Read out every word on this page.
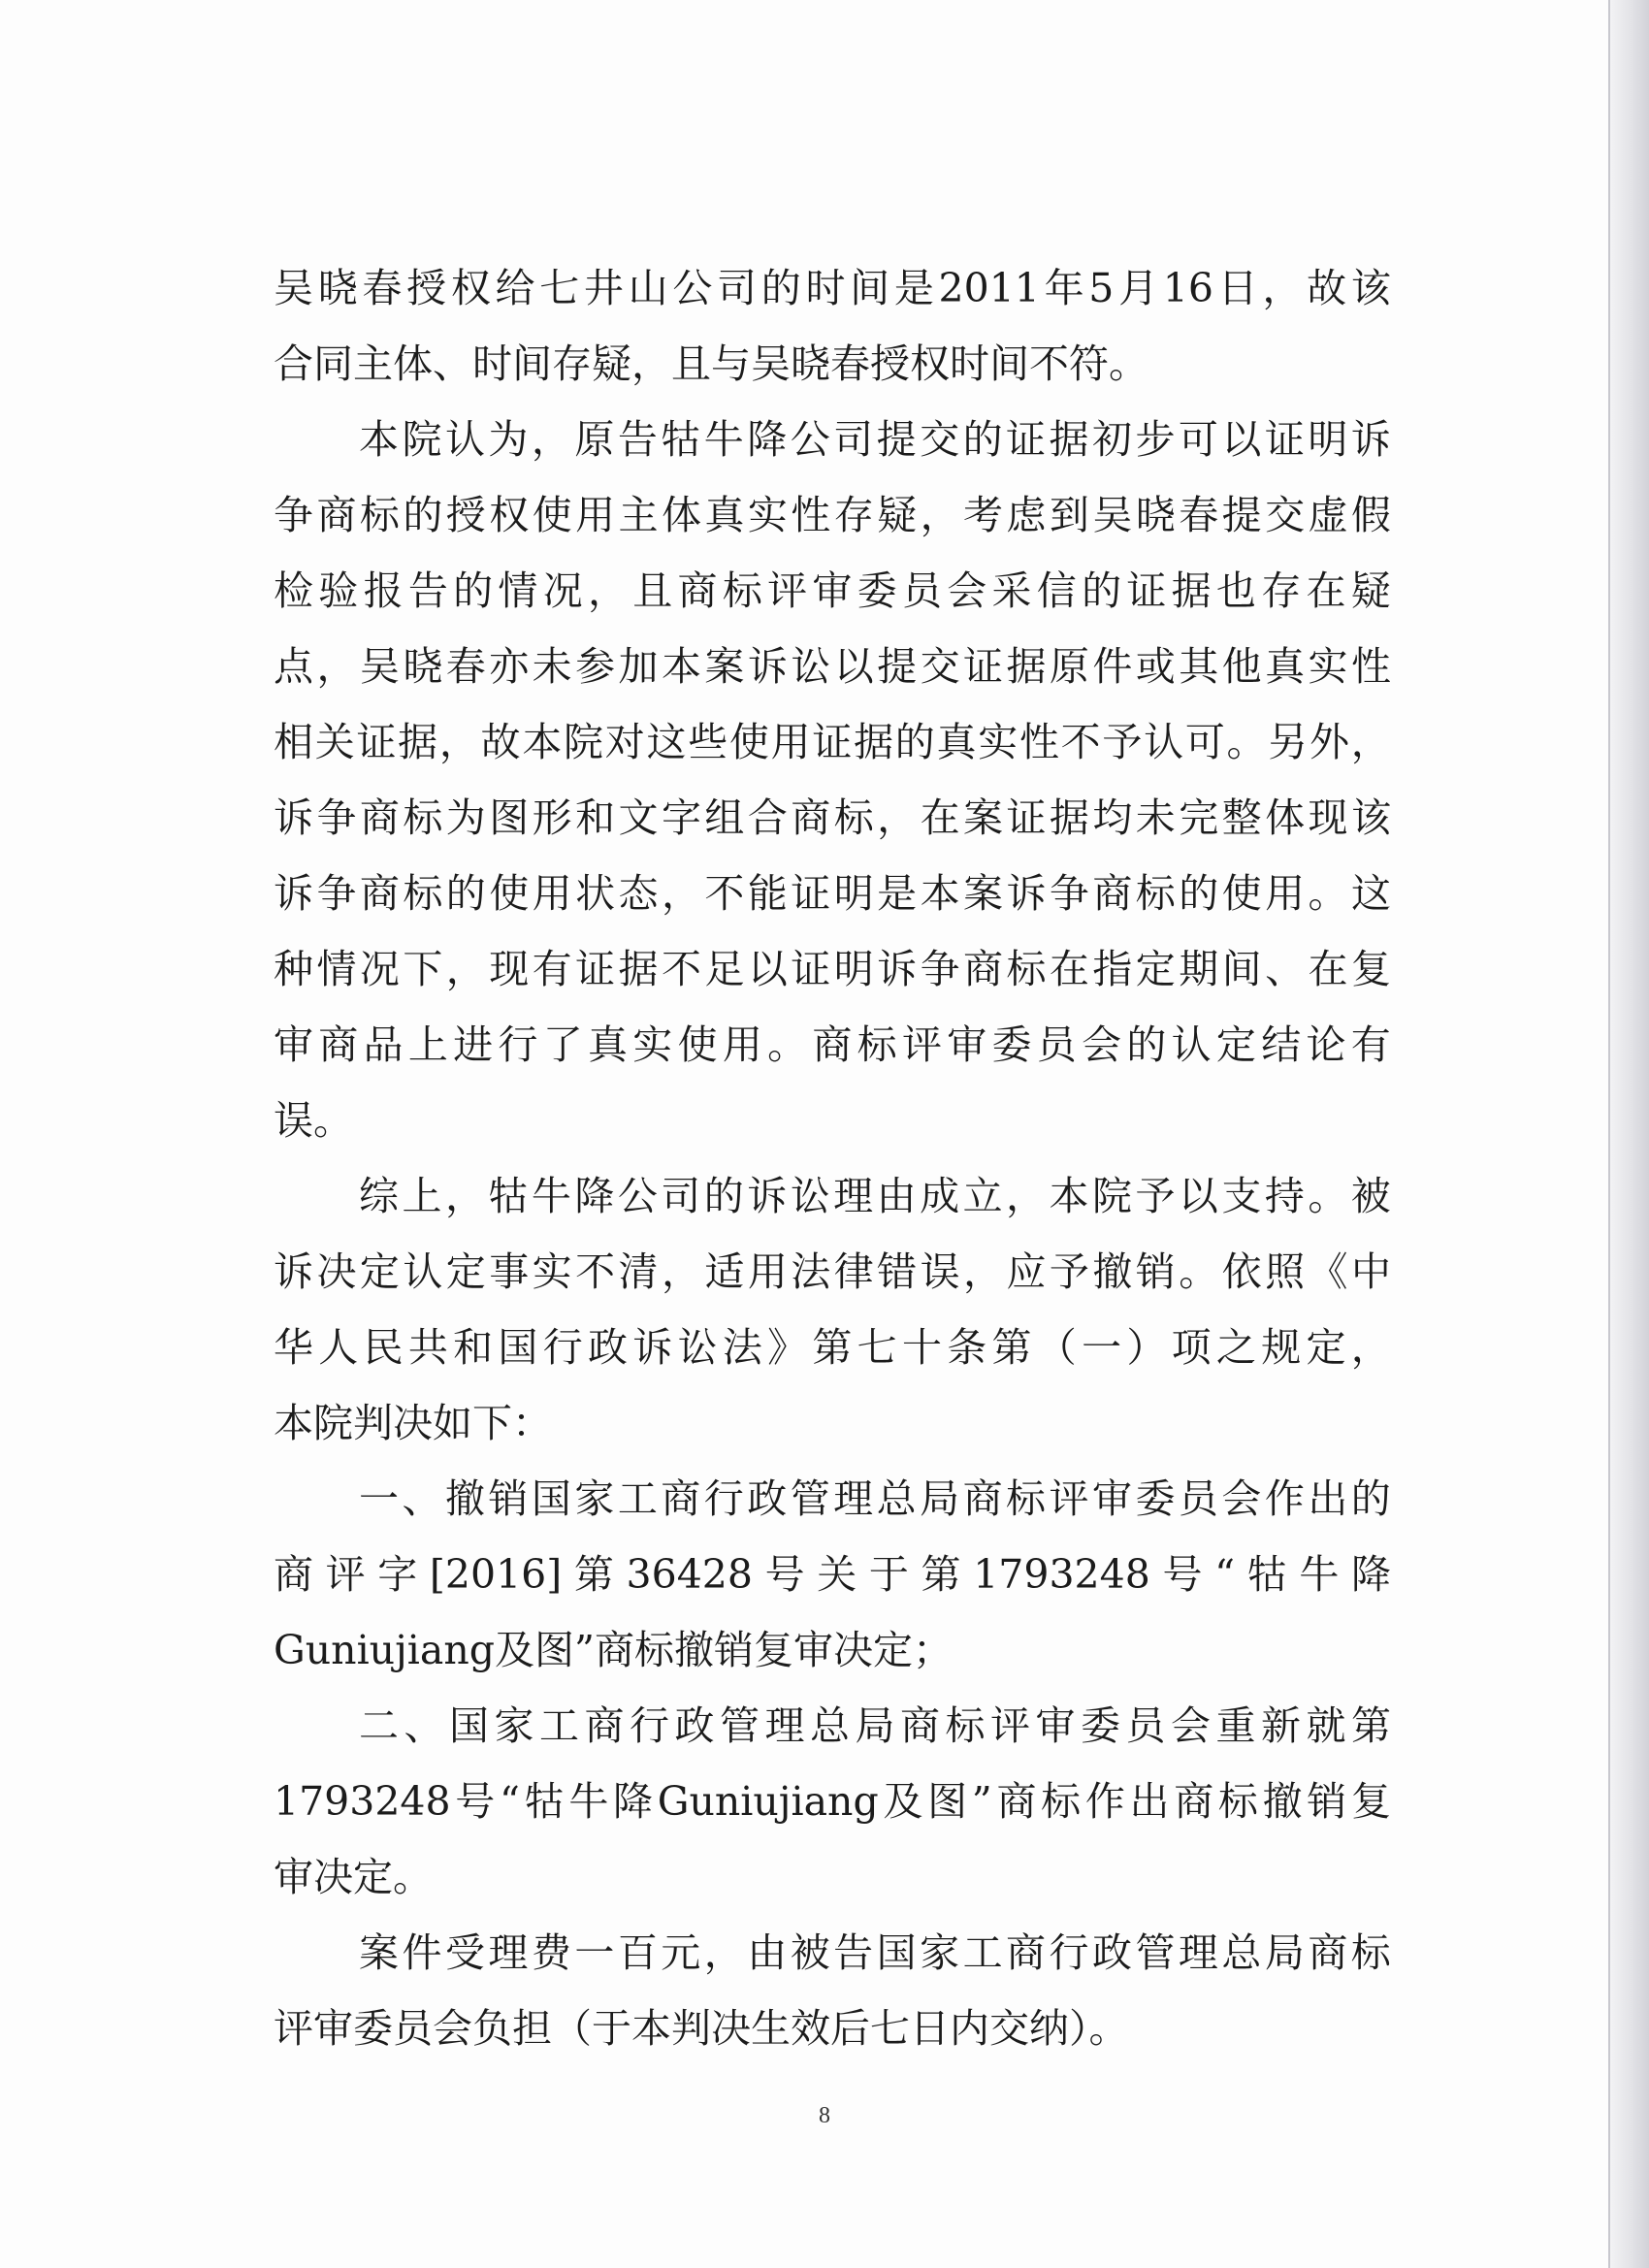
吴 晓 春 授 权 给 七 井 山 公 司 的 时 间 是 2011 年 5 月 16 日 ， 故 该
合同主体、时间存疑，且与吴晓春授权时间不符。
本 院 认 为 ， 原 告 牯 牛 降 公 司 提 交 的 证 据 初 步 可 以 证 明 诉
争 商 标 的 授 权 使 用 主 体 真 实 性 存 疑 ， 考 虑 到 吴 晓 春 提 交 虚 假
检 验 报 告 的 情 况 ， 且 商 标 评 审 委 员 会 采 信 的 证 据 也 存 在 疑
点 ， 吴 晓 春 亦 未 参 加 本 案 诉 讼 以 提 交 证 据 原 件 或 其 他 真 实 性
相 关 证 据 ， 故 本 院 对 这 些 使 用 证 据 的 真 实 性 不 予 认 可 。 另 外 ，
诉 争 商 标 为 图 形 和 文 字 组 合 商 标 ， 在 案 证 据 均 未 完 整 体 现 该
诉 争 商 标 的 使 用 状 态 ， 不 能 证 明 是 本 案 诉 争 商 标 的 使 用 。 这
种 情 况 下 ， 现 有 证 据 不 足 以 证 明 诉 争 商 标 在 指 定 期 间 、 在 复
审 商 品 上 进 行 了 真 实 使 用 。 商 标 评 审 委 员 会 的 认 定 结 论 有
误。
综 上 ， 牯 牛 降 公 司 的 诉 讼 理 由 成 立 ， 本 院 予 以 支 持 。 被
诉 决 定 认 定 事 实 不 清 ， 适 用 法 律 错 误 ， 应 予 撤 销 。 依 照 《 中
华 人 民 共 和 国 行 政 诉 讼 法 》 第 七 十 条 第 （ 一 ） 项 之 规 定 ，
本院判决如下：
一 、 撤 销 国 家 工 商 行 政 管 理 总 局 商 标 评 审 委 员 会 作 出 的
商 评 字 [2016] 第 36428 号 关 于 第 1793248 号 “ 牯 牛 降
Guniujiang及图”商标撤销复审决定；
二 、 国 家 工 商 行 政 管 理 总 局 商 标 评 审 委 员 会 重 新 就 第
1793248 号 “ 牯 牛 降 Guniujiang 及 图 ” 商 标 作 出 商 标 撤 销 复
审决定。
案 件 受 理 费 一 百 元 ， 由 被 告 国 家 工 商 行 政 管 理 总 局 商 标
评审委员会负担（于本判决生效后七日内交纳）。
8
